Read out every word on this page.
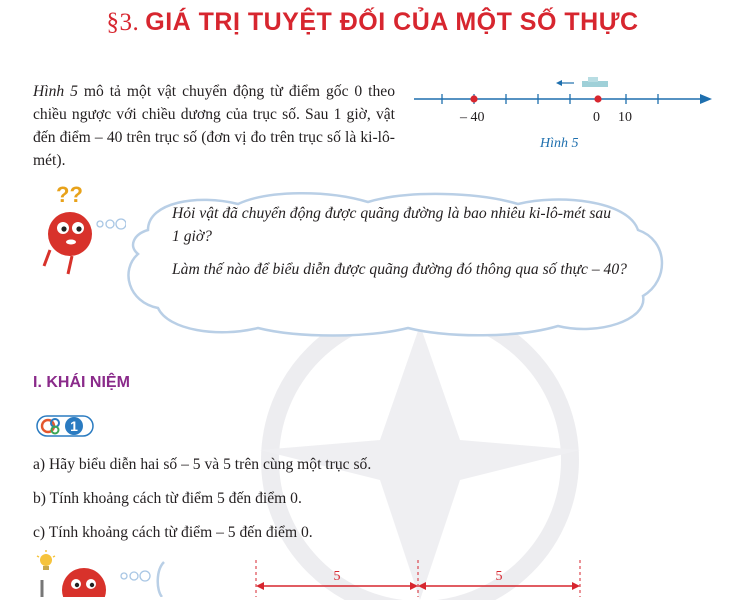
§3. GIÁ TRỊ TUYỆT ĐỐI CỦA MỘT SỐ THỰC
Hình 5 mô tả một vật chuyển động từ điểm gốc 0 theo chiều ngược với chiều dương của trục số. Sau 1 giờ, vật đến điểm – 40 trên trục số (đơn vị đo trên trục số là ki-lô-mét).
– 40	0 10
Hình 5
??
Hỏi vật đã chuyển động được quãng đường là bao nhiêu ki-lô-mét sau 1 giờ?
Làm thế nào để biểu diễn được quãng đường đó thông qua số thực – 40?
I. KHÁI NIỆM
1
a) Hãy biểu diễn hai số – 5 và 5 trên cùng một trục số.
b) Tính khoảng cách từ điểm 5 đến điểm 0.
c) Tính khoảng cách từ điểm – 5 đến điểm 0.
5	5
